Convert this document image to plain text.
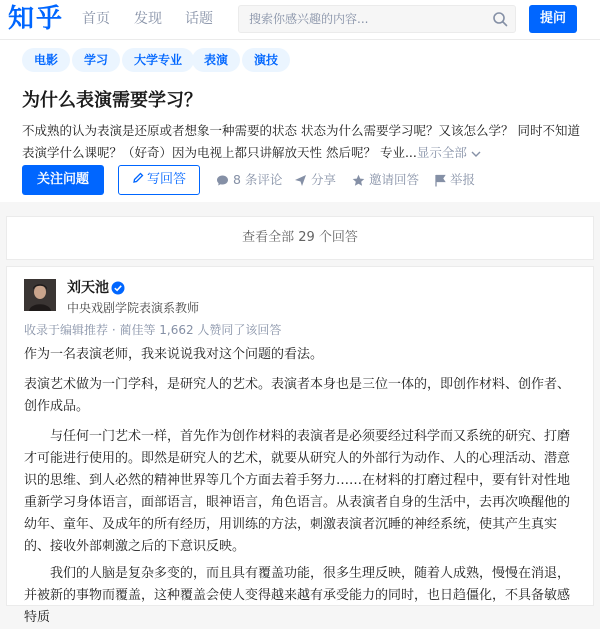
知乎 首页 发现 话题
搜索你感兴趣的内容...	提问
电影	学习	大学专业	表演	演技
为什么表演需要学习？
不成熟的认为表演是还原或者想象一种需要的状态 状态为什么需要学习呢？又该怎么学？ 同时不知道表演学什么课呢？（好奇）因为电视上都只讲解放天性 然后呢？ 专业...显示全部
关注问题	写回答	8 条评论 分享	邀请回答 举报
查看全部 29 个回答
刘天池
中央戏剧学院表演系教师
收录于编辑推荐 · 蔺佳等 1,662 人赞同了该回答
作为一名表演老师，我来说说我对这个问题的看法。
表演艺术做为一门学科，是研究人的艺术。表演者本身也是三位一体的，即创作材料、创作者、创作成品。
与任何一门艺术一样，首先作为创作材料的表演者是必须要经过科学而又系统的研究、打磨才可能进行使用的。即然是研究人的艺术，就要从研究人的外部行为动作、人的心理活动、潜意识的思维、到人必然的精神世界等几个方面去着手努力……在材料的打磨过程中，要有针对性地重新学习身体语言，面部语言，眼神语言，角色语言。从表演者自身的生活中，去再次唤醒他的幼年、童年、及成年的所有经历，用训练的方法，刺激表演者沉睡的神经系统，使其产生真实的、接收外部刺激之后的下意识反映。
我们的人脑是复杂多变的，而且具有覆盖功能，很多生理反映，随着人成熟，慢慢在消退，并被新的事物而覆盖，这种覆盖会使人变得越来越有承受能力的同时，也日趋僵化，不具备敏感特质
